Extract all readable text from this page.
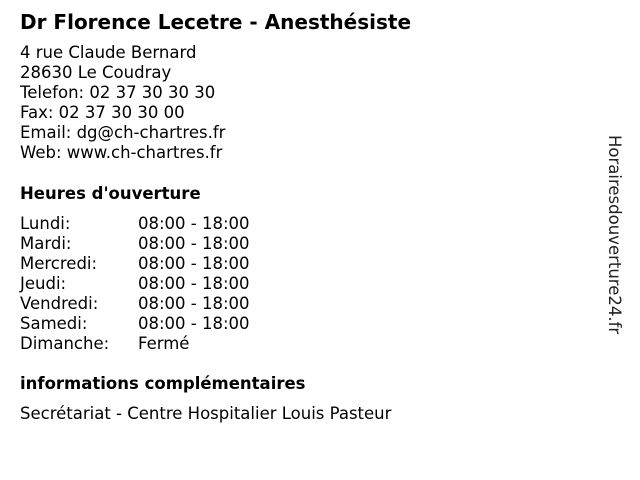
Dr Florence Lecetre - Anesthésiste
4 rue Claude Bernard
28630 Le Coudray
Telefon: 02 37 30 30 30
Fax: 02 37 30 30 00
Email: dg@ch-chartres.fr
Web: www.ch-chartres.fr
Heures d'ouverture
Lundi:	08:00 - 18:00
Mardi:	08:00 - 18:00
Mercredi:	08:00 - 18:00
Jeudi:	08:00 - 18:00
Vendredi:	08:00 - 18:00
Samedi:	08:00 - 18:00
Dimanche:	Fermé
informations complémentaires
Secrétariat - Centre Hospitalier Louis Pasteur
Horairesdouverture24.fr
